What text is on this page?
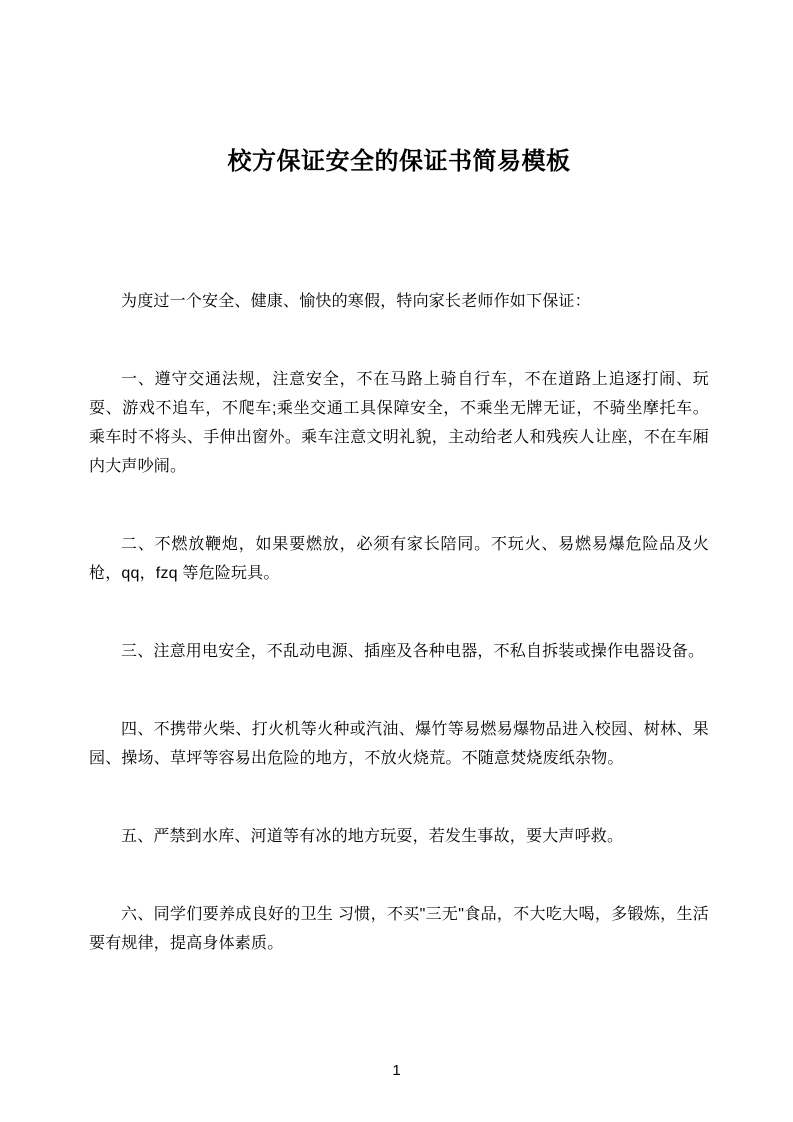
校方保证安全的保证书简易模板

为度过一个安全、健康、愉快的寒假，特向家长老师作如下保证：

一、遵守交通法规，注意安全，不在马路上骑自行车，不在道路上追逐打闹、玩耍、游戏不追车，不爬车;乘坐交通工具保障安全，不乘坐无牌无证，不骑坐摩托车。乘车时不将头、手伸出窗外。乘车注意文明礼貌，主动给老人和残疾人让座，不在车厢内大声吵闹。

二、不燃放鞭炮，如果要燃放，必须有家长陪同。不玩火、易燃易爆危险品及火枪，qq，fzq 等危险玩具。

三、注意用电安全，不乱动电源、插座及各种电器，不私自拆装或操作电器设备。

四、不携带火柴、打火机等火种或汽油、爆竹等易燃易爆物品进入校园、树林、果园、操场、草坪等容易出危险的地方，不放火烧荒。不随意焚烧废纸杂物。

五、严禁到水库、河道等有冰的地方玩耍，若发生事故，要大声呼救。

六、同学们要养成良好的卫生 习惯，不买"三无"食品，不大吃大喝，多锻炼，生活要有规律，提高身体素质。

1
